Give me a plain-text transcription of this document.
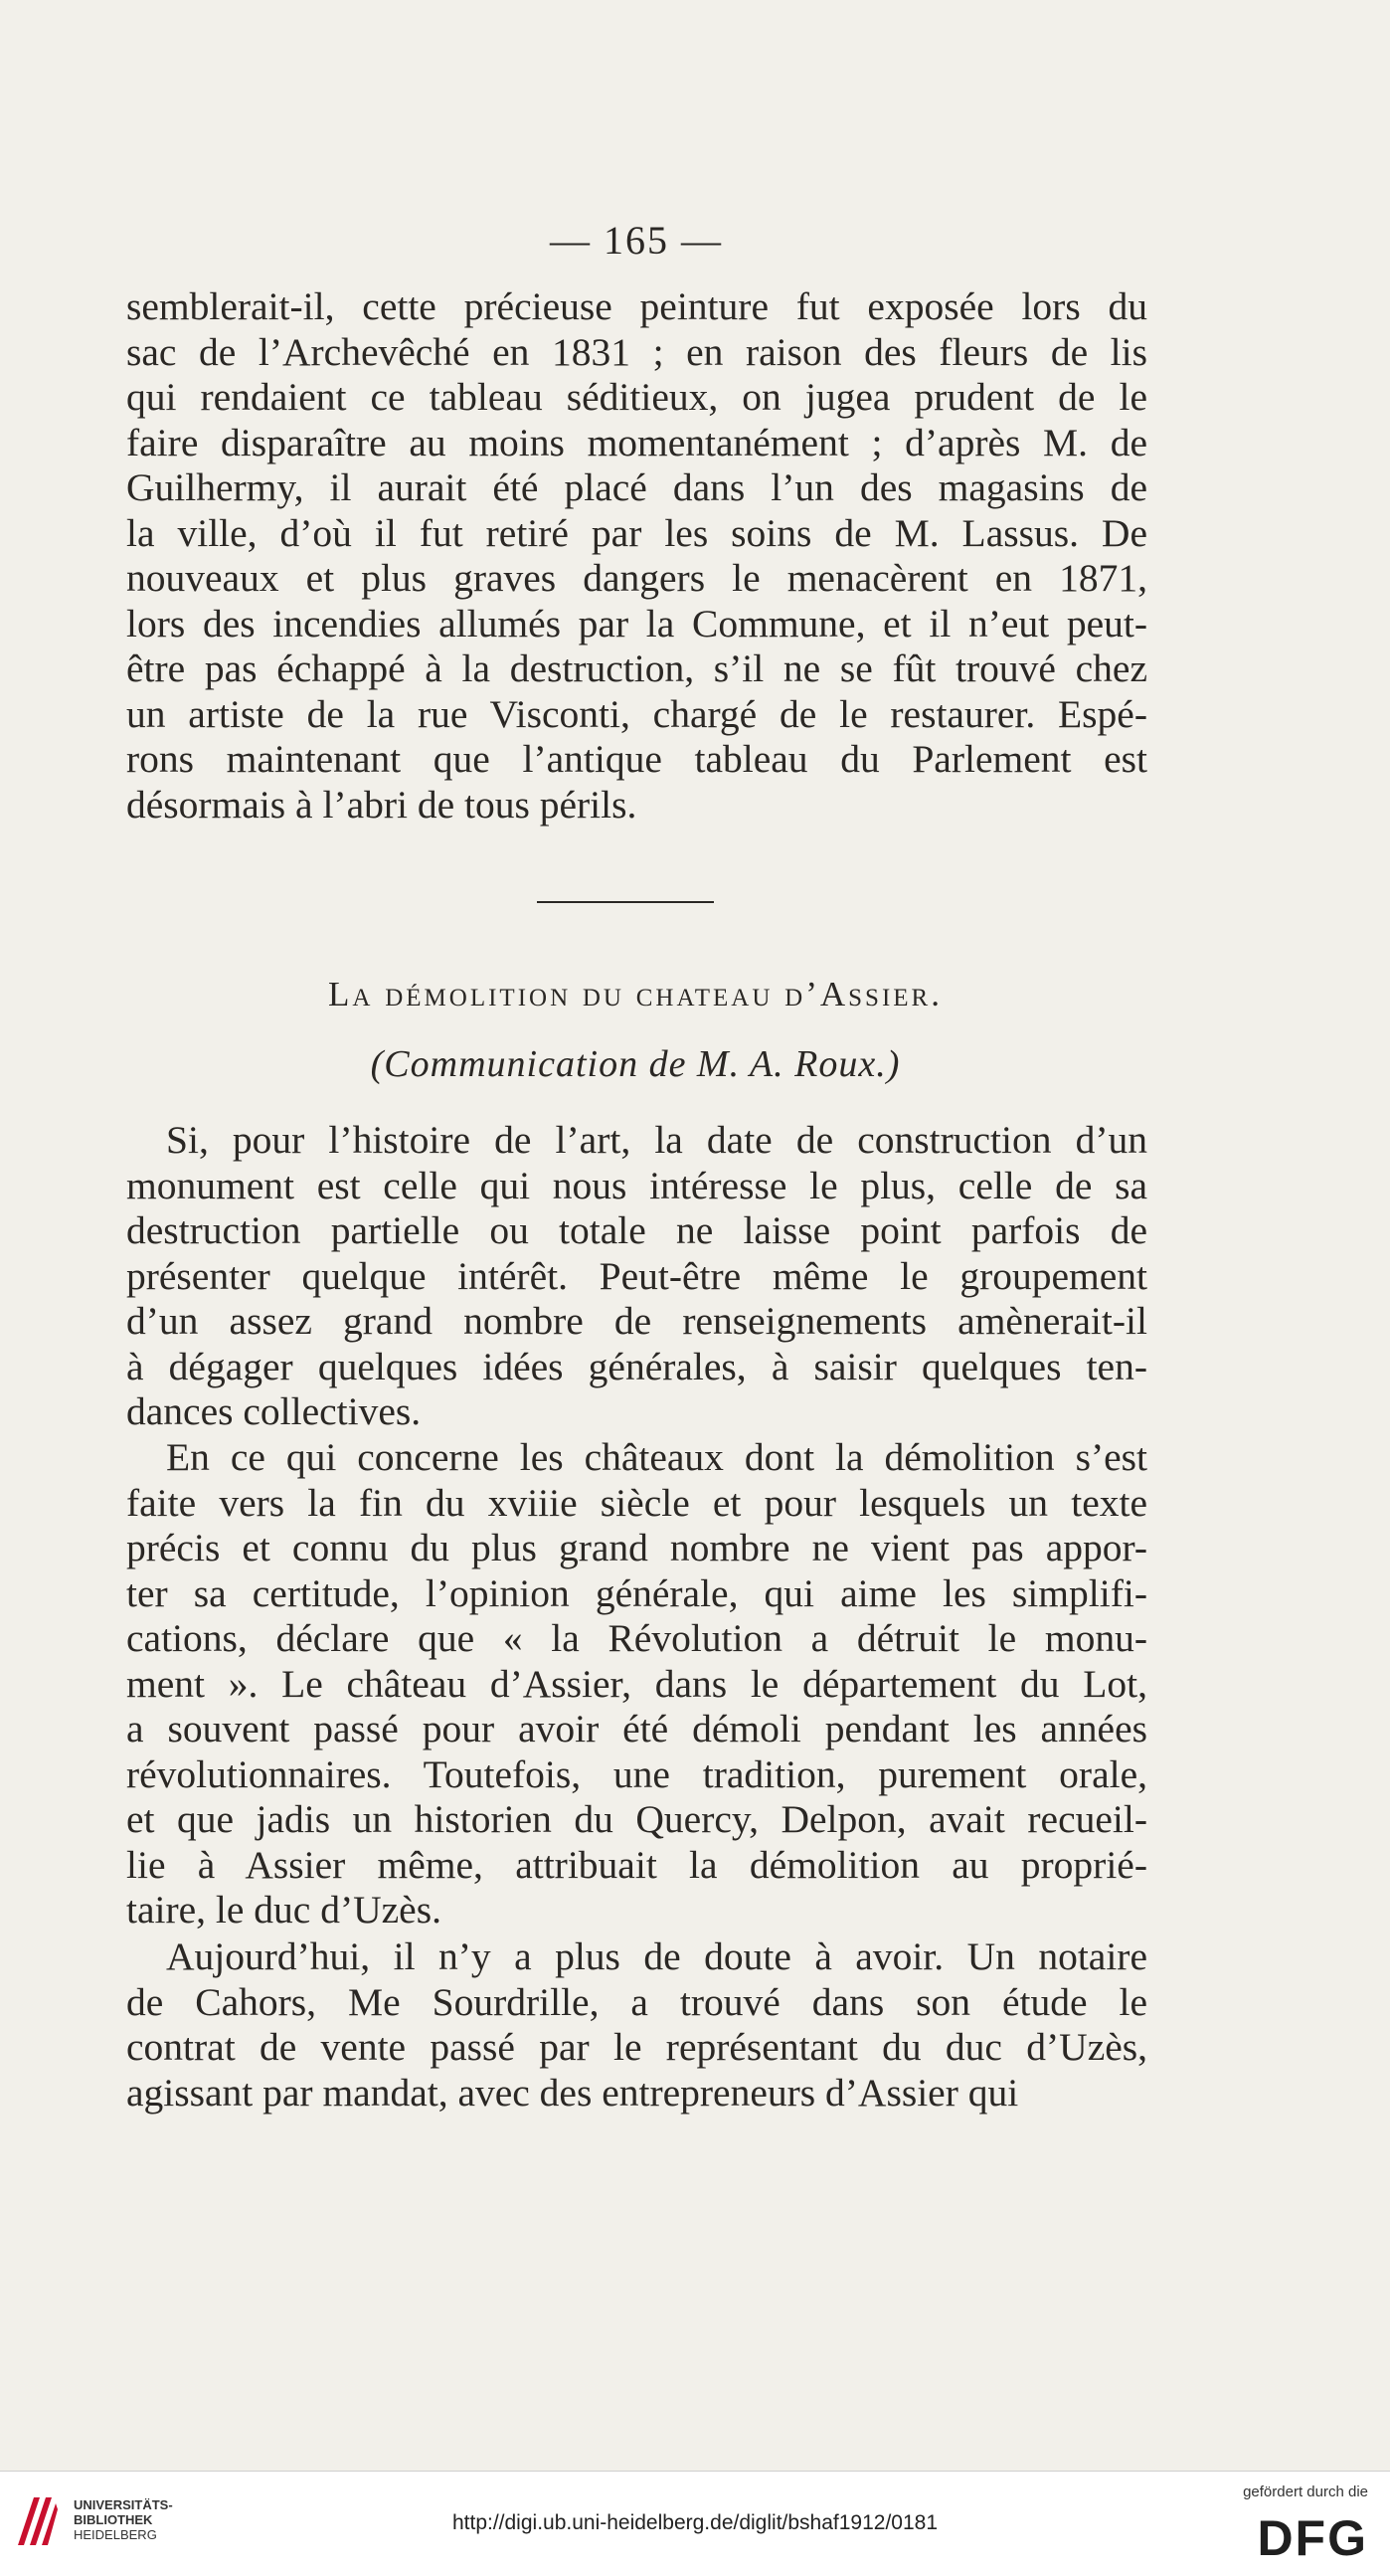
— 165 —
semblerait-il, cette précieuse peinture fut exposée lors du
sac de l’Archevêché en 1831 ; en raison des fleurs de lis
qui rendaient ce tableau séditieux, on jugea prudent de le
faire disparaître au moins momentanément ; d’après M. de
Guilhermy, il aurait été placé dans l’un des magasins de
la ville, d’où il fut retiré par les soins de M. Lassus. De
nouveaux et plus graves dangers le menacèrent en 1871,
lors des incendies allumés par la Commune, et il n’eut peut-
être pas échappé à la destruction, s’il ne se fût trouvé chez
un artiste de la rue Visconti, chargé de le restaurer. Espé-
rons maintenant que l’antique tableau du Parlement est
désormais à l’abri de tous périls.
La démolition du chateau d’Assier.
(Communication de M. A. Roux.)
Si, pour l’histoire de l’art, la date de construction d’un
monument est celle qui nous intéresse le plus, celle de sa
destruction partielle ou totale ne laisse point parfois de
présenter quelque intérêt. Peut-être même le groupement
d’un assez grand nombre de renseignements amènerait-il
à dégager quelques idées générales, à saisir quelques ten-
dances collectives.
En ce qui concerne les châteaux dont la démolition s’est
faite vers la fin du xviiie siècle et pour lesquels un texte
précis et connu du plus grand nombre ne vient pas appor-
ter sa certitude, l’opinion générale, qui aime les simplifi-
cations, déclare que « la Révolution a détruit le monu-
ment ». Le château d’Assier, dans le département du Lot,
a souvent passé pour avoir été démoli pendant les années
révolutionnaires. Toutefois, une tradition, purement orale,
et que jadis un historien du Quercy, Delpon, avait recueil-
lie à Assier même, attribuait la démolition au proprié-
taire, le duc d’Uzès.
Aujourd’hui, il n’y a plus de doute à avoir. Un notaire
de Cahors, Me Sourdrille, a trouvé dans son étude le
contrat de vente passé par le représentant du duc d’Uzès,
agissant par mandat, avec des entrepreneurs d’Assier qui
UNIVERSITÄTS-
BIBLIOTHEK
HEIDELBERG
http://digi.ub.uni-heidelberg.de/diglit/bshaf1912/0181
gefördert durch die
DFG
